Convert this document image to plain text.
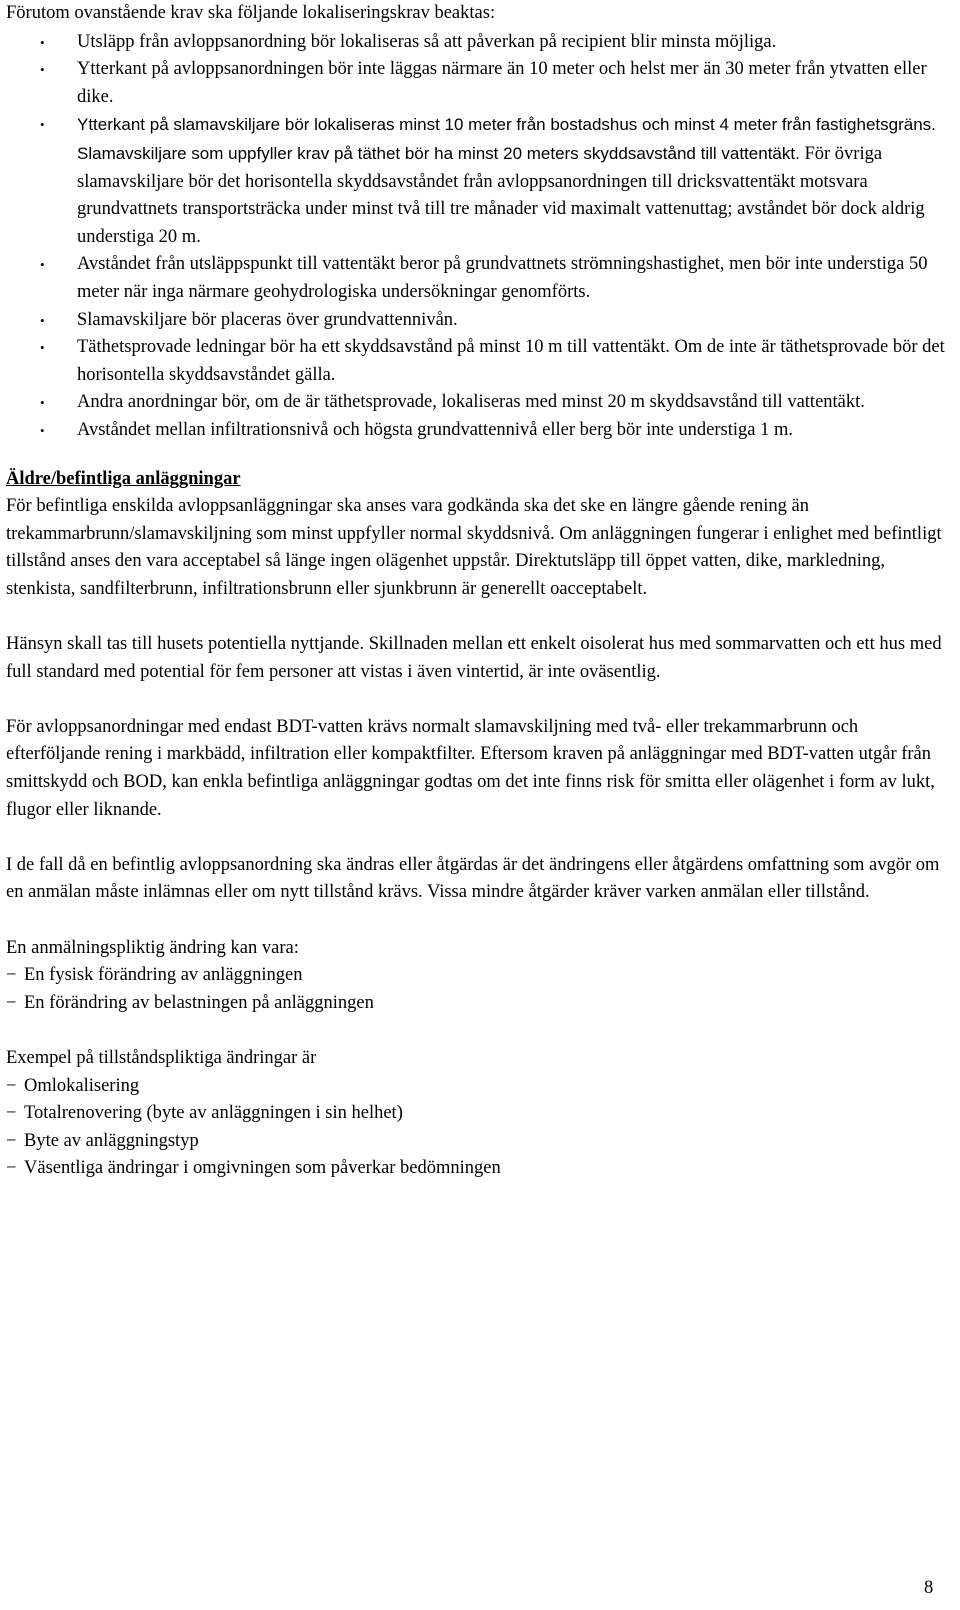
Förutom ovanstående krav ska följande lokaliseringskrav beaktas:

• Utsläpp från avloppsanordning bör lokaliseras så att påverkan på recipient blir minsta möjliga.
• Ytterkant på avloppsanordningen bör inte läggas närmare än 10 meter och helst mer än 30 meter från ytvatten eller dike.
• Ytterkant på slamavskiljare bör lokaliseras minst 10 meter från bostadshus och minst 4 meter från fastighetsgräns. Slamavskiljare som uppfyller krav på täthet bör ha minst 20 meters skyddsavstånd till vattentäkt. För övriga slamavskiljare bör det horisontella skyddsavståndet från avloppsanordningen till dricksvattentäkt motsvara grundvattnets transportsträcka under minst två till tre månader vid maximalt vattenuttag; avståndet bör dock aldrig understiga 20 m.
• Avståndet från utsläppspunkt till vattentäkt beror på grundvattnets strömningshastighet, men bör inte understiga 50 meter när inga närmare geohydrologiska undersökningar genomförts.
• Slamavskiljare bör placeras över grundvattennivån.
• Täthetsprovade ledningar bör ha ett skyddsavstånd på minst 10 m till vattentäkt. Om de inte är täthetsprovade bör det horisontella skyddsavståndet gälla.
• Andra anordningar bör, om de är täthetsprovade, lokaliseras med minst 20 m skyddsavstånd till vattentäkt.
• Avståndet mellan infiltrationsnivå och högsta grundvattennivå eller berg bör inte understiga 1 m.
Äldre/befintliga anläggningar

För befintliga enskilda avloppsanläggningar ska anses vara godkända ska det ske en längre gående rening än trekammarbrunn/slamavskiljning som minst uppfyller normal skyddsnivå. Om anläggningen fungerar i enlighet med befintligt tillstånd anses den vara acceptabel så länge ingen olägenhet uppstår. Direktutsläpp till öppet vatten, dike, markledning, stenkista, sandfilterbrunn, infiltrationsbrunn eller sjunkbrunn är generellt oacceptabelt.

Hänsyn skall tas till husets potentiella nyttjande. Skillnaden mellan ett enkelt oisolerat hus med sommarvatten och ett hus med full standard med potential för fem personer att vistas i även vintertid, är inte oväsentlig.

För avloppsanordningar med endast BDT-vatten krävs normalt slamavskiljning med två- eller trekammarbrunn och efterföljande rening i markbädd, infiltration eller kompaktfilter. Eftersom kraven på anläggningar med BDT-vatten utgår från smittskydd och BOD, kan enkla befintliga anläggningar godtas om det inte finns risk för smitta eller olägenhet i form av lukt, flugor eller liknande.

I de fall då en befintlig avloppsanordning ska ändras eller åtgärdas är det ändringens eller åtgärdens omfattning som avgör om en anmälan måste inlämnas eller om nytt tillstånd krävs. Vissa mindre åtgärder kräver varken anmälan eller tillstånd.

En anmälningspliktig ändring kan vara:

− En fysisk förändring av anläggningen
− En förändring av belastningen på anläggningen

Exempel på tillståndspliktiga ändringar är

− Omlokalisering
− Totalrenovering (byte av anläggningen i sin helhet)
− Byte av anläggningstyp
− Väsentliga ändringar i omgivningen som påverkar bedömningen
8
